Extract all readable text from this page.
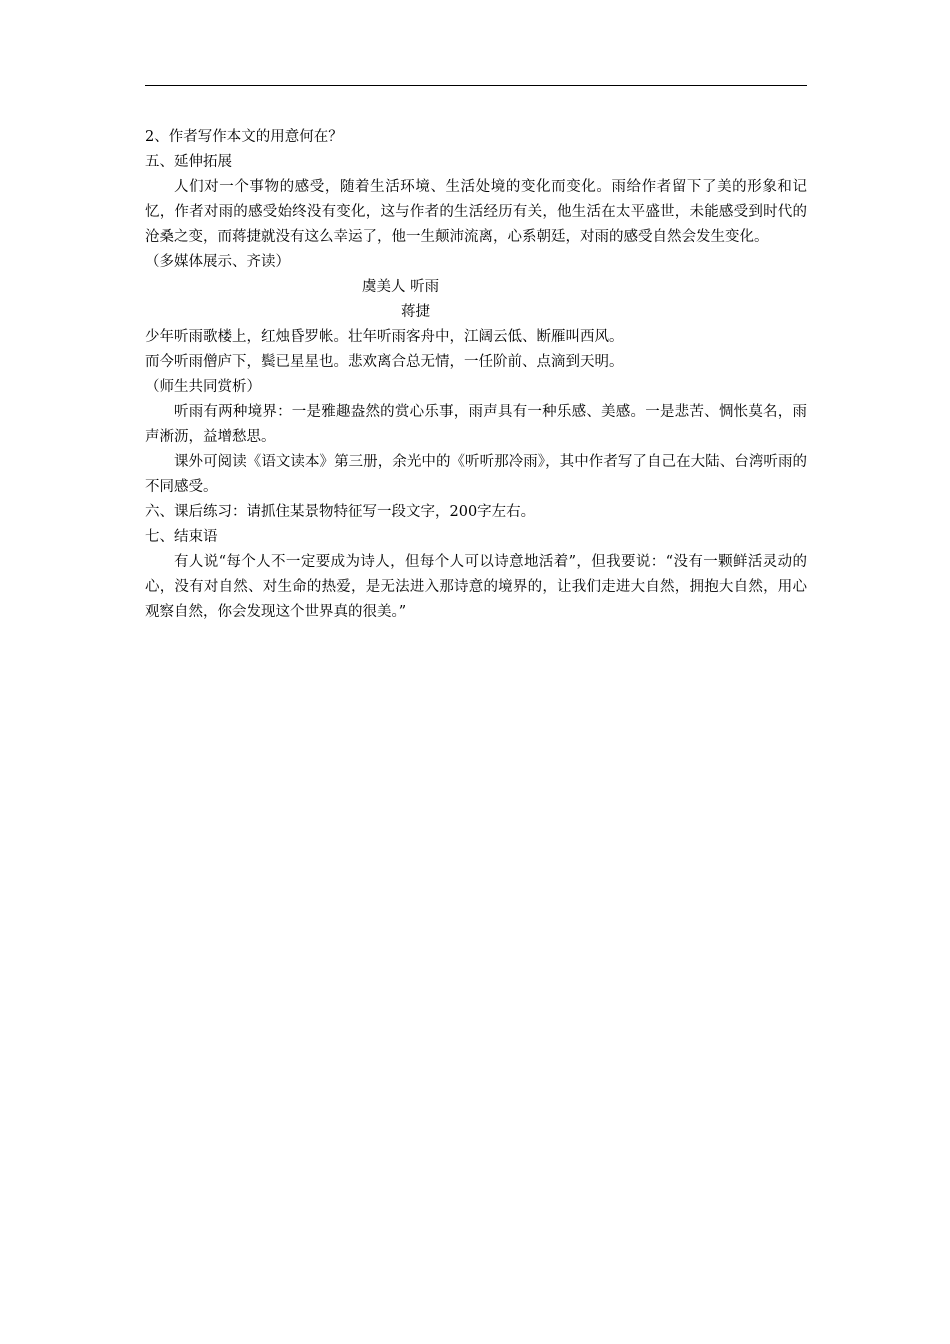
2、作者写作本文的用意何在？

五、延伸拓展

人们对一个事物的感受，随着生活环境、生活处境的变化而变化。雨给作者留下了美的形象和记忆，作者对雨的感受始终没有变化，这与作者的生活经历有关，他生活在太平盛世，未能感受到时代的沧桑之变，而蒋捷就没有这么幸运了，他一生颠沛流离，心系朝廷，对雨的感受自然会发生变化。

（多媒体展示、齐读）

虞美人 听雨

蒋捷

少年听雨歌楼上，红烛昏罗帐。壮年听雨客舟中，江阔云低、断雁叫西风。

而今听雨僧庐下，鬓已星星也。悲欢离合总无情，一任阶前、点滴到天明。

（师生共同赏析）

听雨有两种境界：一是雅趣盎然的赏心乐事，雨声具有一种乐感、美感。一是悲苦、惆怅莫名，雨声淅沥，益增愁思。

课外可阅读《语文读本》第三册，余光中的《听听那冷雨》，其中作者写了自己在大陆、台湾听雨的不同感受。

六、课后练习：请抓住某景物特征写一段文字，200字左右。

七、结束语

有人说“每个人不一定要成为诗人，但每个人可以诗意地活着”，但我要说：“没有一颗鲜活灵动的心，没有对自然、对生命的热爱，是无法进入那诗意的境界的，让我们走进大自然，拥抱大自然，用心观察自然，你会发现这个世界真的很美。”
